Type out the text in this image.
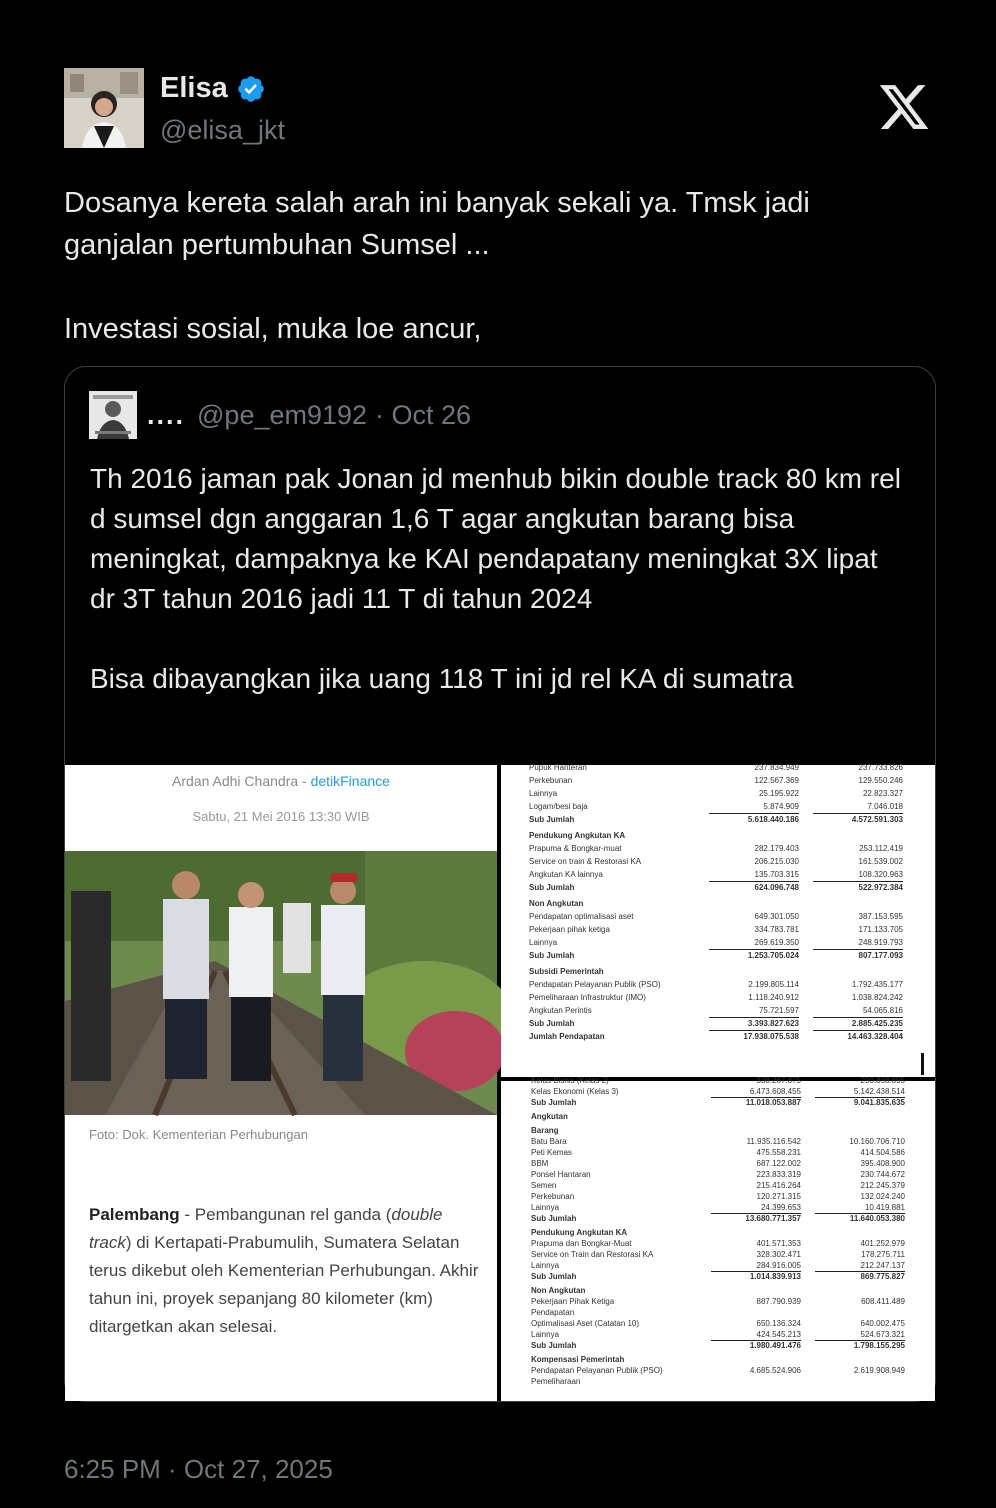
Elisa
@elisa_jkt
Dosanya kereta salah arah ini banyak sekali ya. Tmsk jadi ganjalan pertumbuhan Sumsel ...

Investasi sosial, muka loe ancur,
.... @pe_em9192 · Oct 26
Th 2016 jaman pak Jonan jd menhub bikin double track 80 km rel d sumsel dgn anggaran 1,6 T agar angkutan barang bisa meningkat, dampaknya ke KAI pendapatany meningkat 3X lipat dr 3T tahun 2016 jadi 11 T di tahun 2024

Bisa dibayangkan jika uang 118 T ini jd rel KA di sumatra
Ardan Adhi Chandra - detikFinance
Sabtu, 21 Mei 2016 13:30 WIB
Foto: Dok. Kementerian Perhubungan
Palembang - Pembangunan rel ganda (double track) di Kertapati-Prabumulih, Sumatera Selatan terus dikebut oleh Kementerian Perhubungan. Akhir tahun ini, proyek sepanjang 80 kilometer (km) ditargetkan akan selesai.
Pupuk Hanteran	237.834.949	237.733.826
Perkebunan	122.567.369	129.550.246
Lainnya	25.195.922	22.823.327
Logam/besi baja	5.874.909	7.046.018
Sub Jumlah	5.618.440.186	4.572.591.303
Pendukung Angkutan KA
Prapuma & Bongkar-muat	282.179.403	253.112.419
Service on train & Restorasi KA	206.215.030	161.539.002
Angkutan KA lainnya	135.703.315	108.320.963
Sub Jumlah	624.096.748	522.972.384
Non Angkutan
Pendapatan optimalisasi aset	649.301.050	387.153.595
Pekerjaan pihak ketiga	334.783.781	171.133.705
Lainnya	269.619.350	248.919.793
Sub Jumlah	1.253.705.024	807.177.093
Subsidi Pemerintah
Pendapatan Pelayanan Publik (PSO)	2.199.805.114	1.792.435.177
Pemeliharaan Infrastruktur (IMO)	1.118.240.912	1.038.824.242
Angkutan Perintis	75.721.597	54.065.816
Sub Jumlah	3.393.827.623	2.885.425.235
Jumlah Pendapatan	17.938.075.538	14.463.328.404
Kelas Bisnis (Kelas 2)	338.267.875	293.898.895
Kelas Ekonomi (Kelas 3)	6.473.608.455	5.142.438.514
Sub Jumlah	11.018.053.887	9.041.835.635
Angkutan
Barang
Batu Bara	11.935.116.542	10.160.706.710
Peti Kemas	475.558.231	414.504.586
BBM	687.122.002	395.408.900
Ponsel Hantaran	223.833.319	230.744.672
Semen	215.416.264	212.245.379
Perkebunan	120.271.315	132.024.240
Lainnya	24.399.653	10.419.881
Sub Jumlah	13.680.771.357	11.640.053.380
Pendukung Angkutan KA
Prapuma dan Bongkar-Muat	401.571.353	401.252.979
Service on Train dan Restorasi KA	328.302.471	178.275.711
Lainnya	284.916.005	212.247.137
Sub Jumlah	1.014.839.913	869.775.827
Non Angkutan
Pekerjaan Pihak Ketiga	887.790.939	608.411.489
Pendapatan
Optimalisasi Aset (Catatan 10)	650.136.324	640.002.475
Lainnya	424.545.213	524.673.321
Sub Jumlah	1.980.491.476	1.798.155.295
Kompensasi Pemerintah
Pendapatan Pelayanan Publik (PSO)	4.685.524.906	2.619.908.949
Pemeliharaan
6:25 PM · Oct 27, 2025
